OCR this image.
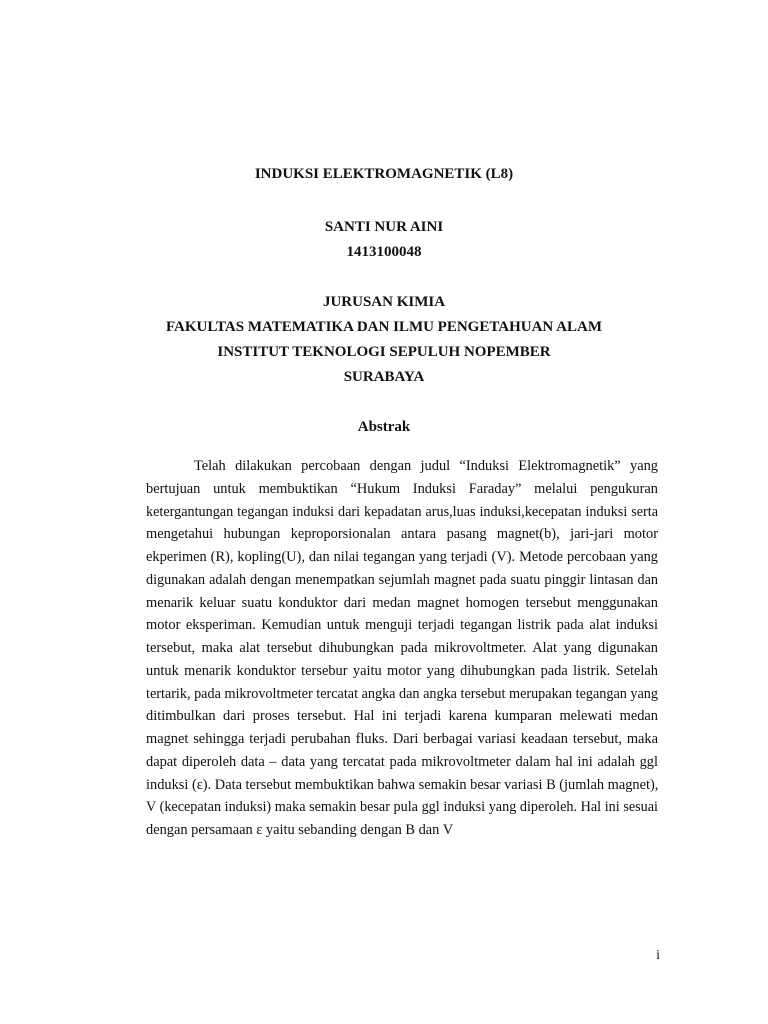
INDUKSI ELEKTROMAGNETIK (L8)
SANTI NUR AINI
1413100048
JURUSAN KIMIA
FAKULTAS MATEMATIKA DAN ILMU PENGETAHUAN ALAM
INSTITUT TEKNOLOGI SEPULUH NOPEMBER
SURABAYA
Abstrak
Telah dilakukan percobaan dengan judul “Induksi Elektromagnetik” yang
bertujuan untuk membuktikan “Hukum Induksi Faraday” melalui pengukuran
ketergantungan tegangan induksi dari kepadatan arus,luas induksi,kecepatan induksi serta
mengetahui hubungan keproporsionalan antara pasang magnet(b), jari-jari motor
ekperimen (R), kopling(U), dan nilai tegangan yang terjadi (V). Metode percobaan yang
digunakan adalah dengan menempatkan sejumlah magnet pada suatu pinggir lintasan dan
menarik keluar suatu konduktor dari medan magnet homogen tersebut menggunakan
motor eksperiman. Kemudian untuk menguji terjadi tegangan listrik pada alat induksi
tersebut, maka alat tersebut dihubungkan pada mikrovoltmeter. Alat yang digunakan
untuk menarik konduktor tersebur yaitu motor yang dihubungkan pada listrik. Setelah
tertarik, pada mikrovoltmeter tercatat angka dan angka tersebut merupakan tegangan yang
ditimbulkan dari proses tersebut. Hal ini terjadi karena kumparan melewati medan
magnet sehingga terjadi perubahan fluks. Dari berbagai variasi keadaan tersebut, maka
dapat diperoleh data – data yang tercatat pada mikrovoltmeter dalam hal ini adalah ggl
induksi (ε). Data tersebut membuktikan bahwa semakin besar variasi B (jumlah magnet),
V (kecepatan induksi) maka semakin besar pula ggl induksi yang diperoleh. Hal ini sesuai
dengan persamaan ε yaitu sebanding dengan B dan V
i
